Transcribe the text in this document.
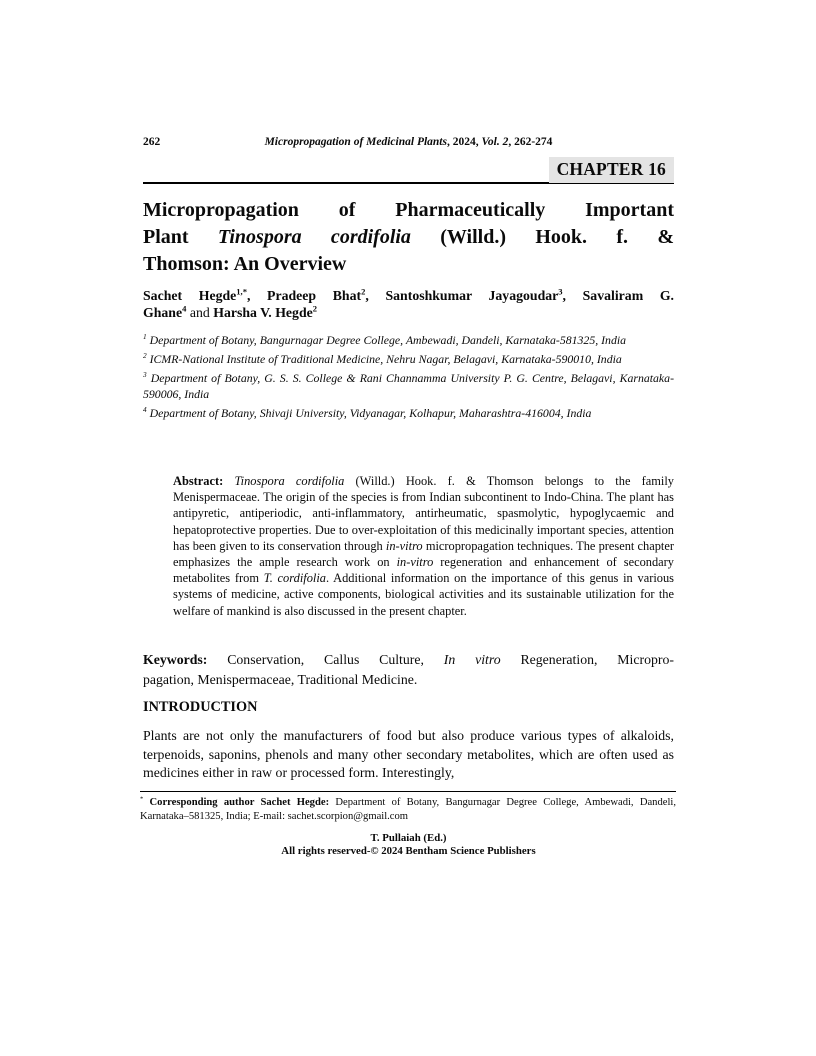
262	Micropropagation of Medicinal Plants, 2024, Vol. 2, 262-274
CHAPTER 16
Micropropagation of Pharmaceutically Important
Plant Tinospora cordifolia (Willd.) Hook. f. &
Thomson: An Overview
Sachet Hegde$^{1,*}$, Pradeep Bhat$^2$, Santoshkumar Jayagoudar$^3$, Savaliram G.
Ghane$^4$ and Harsha V. Hegde$^2$
$^1$ Department of Botany, Bangurnagar Degree College, Ambewadi, Dandeli, Karnataka-581325, India
$^2$ ICMR-National Institute of Traditional Medicine, Nehru Nagar, Belagavi, Karnataka-590010, India
$^3$ Department of Botany, G. S. S. College & Rani Channamma University P. G. Centre, Belagavi, Karnataka-590006, India
$^4$ Department of Botany, Shivaji University, Vidyanagar, Kolhapur, Maharashtra-416004, India
Abstract: Tinospora cordifolia (Willd.) Hook. f. & Thomson belongs to the family Menispermaceae. The origin of the species is from Indian subcontinent to Indo-China. The plant has antipyretic, antiperiodic, anti-inflammatory, antirheumatic, spasmolytic, hypoglycaemic and hepatoprotective properties. Due to over-exploitation of this medicinally important species, attention has been given to its conservation through in-vitro micropropagation techniques. The present chapter emphasizes the ample research work on in-vitro regeneration and enhancement of secondary metabolites from T. cordifolia. Additional information on the importance of this genus in various systems of medicine, active components, biological activities and its sustainable utilization for the welfare of mankind is also discussed in the present chapter.
Keywords: Conservation, Callus Culture, In vitro Regeneration, Micropro-
pagation, Menispermaceae, Traditional Medicine.
INTRODUCTION
Plants are not only the manufacturers of food but also produce various types of alkaloids, terpenoids, saponins, phenols and many other secondary metabolites, which are often used as medicines either in raw or processed form. Interestingly,
* Corresponding author Sachet Hegde: Department of Botany, Bangurnagar Degree College, Ambewadi, Dandeli, Karnataka–581325, India; E-mail: sachet.scorpion@gmail.com
T. Pullaiah (Ed.)
All rights reserved-© 2024 Bentham Science Publishers
